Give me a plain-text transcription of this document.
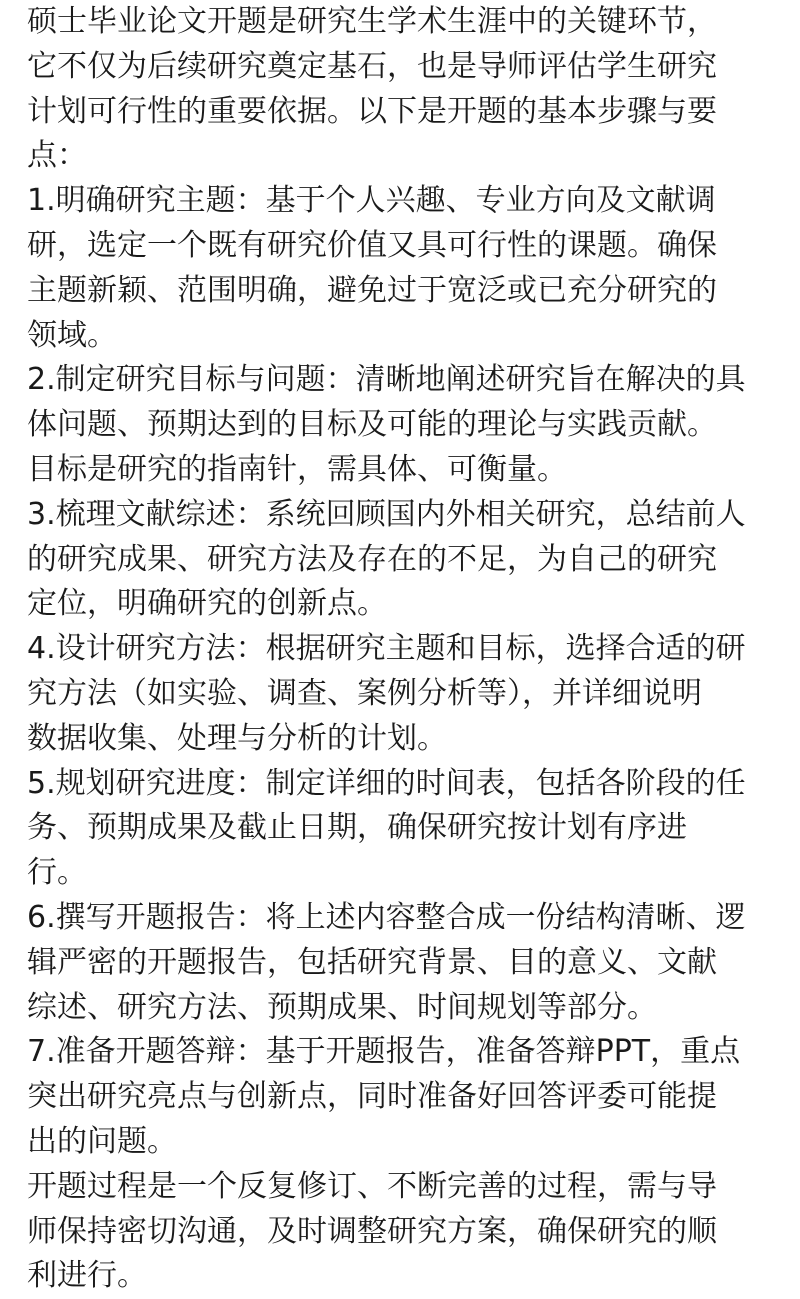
硕士毕业论文开题是研究生学术生涯中的关键环节，
它不仅为后续研究奠定基石，也是导师评估学生研究
计划可行性的重要依据。以下是开题的基本步骤与要
点：
1.明确研究主题：基于个人兴趣、专业方向及文献调
研，选定一个既有研究价值又具可行性的课题。确保
主题新颖、范围明确，避免过于宽泛或已充分研究的
领域。
2.制定研究目标与问题：清晰地阐述研究旨在解决的具
体问题、预期达到的目标及可能的理论与实践贡献。
目标是研究的指南针，需具体、可衡量。
3.梳理文献综述：系统回顾国内外相关研究，总结前人
的研究成果、研究方法及存在的不足，为自己的研究
定位，明确研究的创新点。
4.设计研究方法：根据研究主题和目标，选择合适的研
究方法（如实验、调查、案例分析等），并详细说明
数据收集、处理与分析的计划。
5.规划研究进度：制定详细的时间表，包括各阶段的任
务、预期成果及截止日期，确保研究按计划有序进
行。
6.撰写开题报告：将上述内容整合成一份结构清晰、逻
辑严密的开题报告，包括研究背景、目的意义、文献
综述、研究方法、预期成果、时间规划等部分。
7.准备开题答辩：基于开题报告，准备答辩PPT，重点
突出研究亮点与创新点，同时准备好回答评委可能提
出的问题。
开题过程是一个反复修订、不断完善的过程，需与导
师保持密切沟通，及时调整研究方案，确保研究的顺
利进行。
